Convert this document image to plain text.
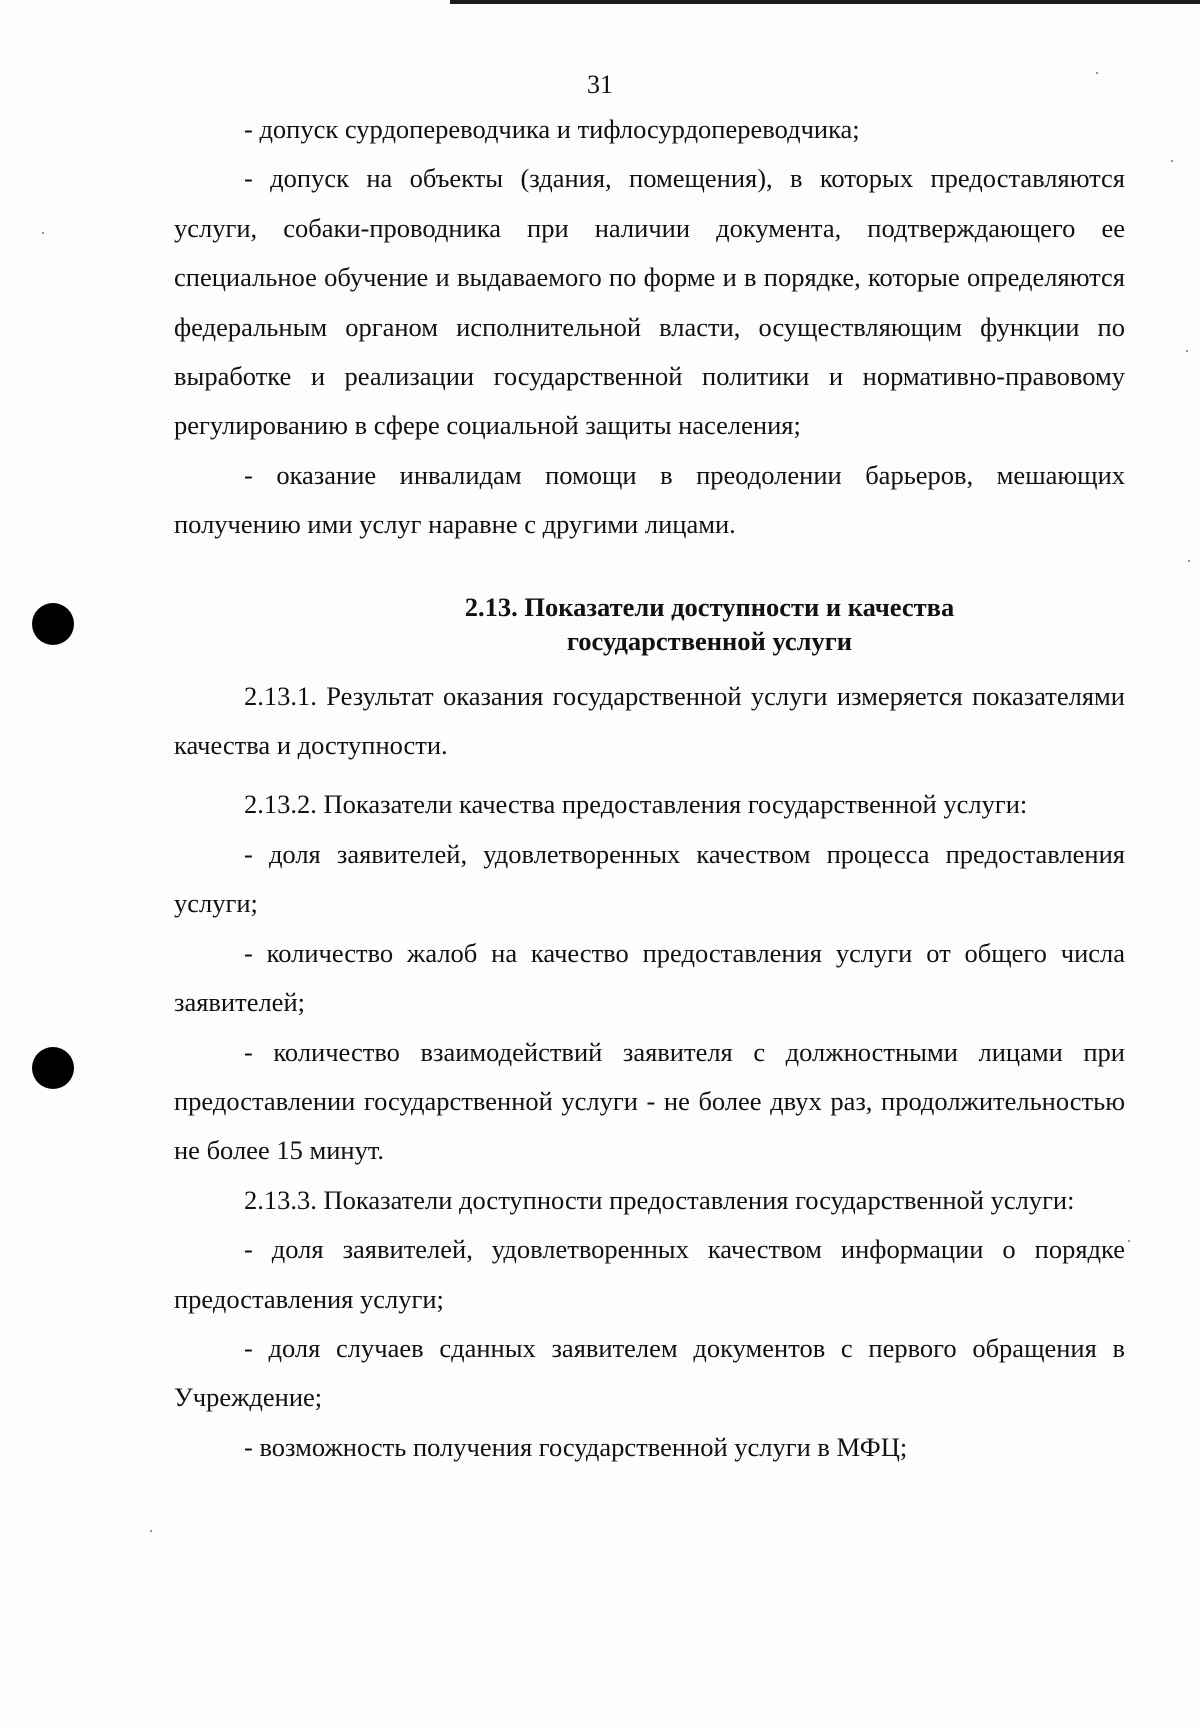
31

- допуск сурдопереводчика и тифлосурдопереводчика;

- допуск на объекты (здания, помещения), в которых предоставляются услуги, собаки-проводника при наличии документа, подтверждающего ее специальное обучение и выдаваемого по форме и в порядке, которые определяются федеральным органом исполнительной власти, осуществляющим функции по выработке и реализации государственной политики и нормативно-правовому регулированию в сфере социальной защиты населения;

- оказание инвалидам помощи в преодолении барьеров, мешающих получению ими услуг наравне с другими лицами.

2.13. Показатели доступности и качества
государственной услуги

2.13.1. Результат оказания государственной услуги измеряется показателями качества и доступности.

2.13.2. Показатели качества предоставления государственной услуги:

- доля заявителей, удовлетворенных качеством процесса предоставления услуги;

- количество жалоб на качество предоставления услуги от общего числа заявителей;

- количество взаимодействий заявителя с должностными лицами при предоставлении государственной услуги - не более двух раз, продолжительностью не более 15 минут.

2.13.3. Показатели доступности предоставления государственной услуги:

- доля заявителей, удовлетворенных качеством информации о порядке предоставления услуги;

- доля случаев сданных заявителем документов с первого обращения в Учреждение;

- возможность получения государственной услуги в МФЦ;
